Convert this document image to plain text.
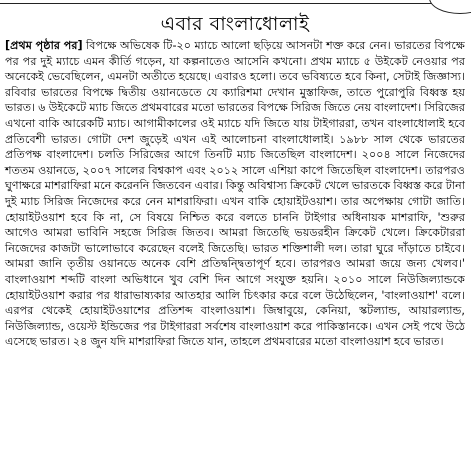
এবার বাংলাধোলাই

[প্রথম পৃষ্ঠার পর] বিপক্ষে অভিষেক টি-২০ ম্যাচে আলো ছড়িয়ে আসনটা শক্ত করে নেন। ভারতের বিপক্ষে পর পর দুই ম্যাচে এমন কীর্তি গড়েন, যা কল্পনাতেও আসেনি কখনো। প্রথম ম্যাচে ৫ উইকেট নেওয়ার পর অনেকেই ভেবেছিলেন, এমনটা অতীতে হয়েছে। এবারও হলো। তবে ভবিষ্যতে হবে কিনা, সেটাই জিজ্ঞাস্য। রবিবার ভারতের বিপক্ষে দ্বিতীয় ওয়ানডেতে যে ক্যারিশমা দেখান মুস্তাফিজ, তাতে পুরোপুরি বিধ্বস্ত হয় ভারত। ৬ উইকেটে ম্যাচ জিতে প্রথমবারের মতো ভারতের বিপক্ষে সিরিজ জিতে নেয় বাংলাদেশ। সিরিজের এখনো বাকি আরেকটি ম্যাচ। আগামীকালের ওই ম্যাচে যদি জিতে যায় টাইগাররা, তখন বাংলাধোলাই হবে প্রতিবেশী ভারত। গোটা দেশ জুড়েই এখন এই আলোচনা বাংলাধোলাই। ১৯৮৮ সাল থেকে ভারতের প্রতিপক্ষ বাংলাদেশ। চলতি সিরিজের আগে তিনটি ম্যাচ জিতেছিল বাংলাদেশ। ২০০৪ সালে নিজেদের শততম ওয়ানডে, ২০০৭ সালের বিশ্বকাপ এবং ২০১২ সালে এশিয়া কাপে জিতেছিল বাংলাদেশ। তারপরও ঘুণাক্ষরে মাশরাফিরা মনে করেননি জিতবেন এবার। কিন্তু অবিশ্বাস্য ক্রিকেট খেলে ভারতকে বিধ্বস্ত করে টানা দুই ম্যাচ সিরিজ নিজেদের করে নেন মাশরাফিরা। এখন বাকি হোয়াইটওয়াশ। তার অপেক্ষায় গোটা জাতি। হোয়াইটওয়াশ হবে কি না, সে বিষয়ে নিশ্চিত করে বলতে চাননি টাইগার অধিনায়ক মাশরাফি, 'শুরুর আগেও আমরা ভাবিনি সহজে সিরিজ জিতব। আমরা জিতেছি ভয়ডরহীন ক্রিকেট খেলে। ক্রিকেটাররা নিজেদের কাজটা ভালোভাবে করেছেন বলেই জিতেছি। ভারত শক্তিশালী দল। তারা ঘুরে দাঁড়াতে চাইবে। আমরা জানি তৃতীয় ওয়ানডে অনেক বেশি প্রতিদ্বন্দ্বিতাপূর্ণ হবে। তারপরও আমরা জয়ে জন্য খেলব।' বাংলাওয়াশ শব্দটি বাংলা অভিধানে খুব বেশি দিন আগে সংযুক্ত হয়নি। ২০১০ সালে নিউজিল্যান্ডকে হোয়াইটওয়াশ করার পর ধারাভাষ্যকার আতহার আলি চিৎকার করে বলে উঠেছিলেন, 'বাংলাওয়াশ' বলে। এরপর থেকেই হোয়াইটওয়াশের প্রতিশব্দ বাংলাওয়াশ। জিম্বাবুয়ে, কেনিয়া, স্কটল্যান্ড, আয়ারল্যান্ড, নিউজিল্যান্ড, ওয়েস্ট ইন্ডিজের পর টাইগাররা সর্বশেষ বাংলাওয়াশ করে পাকিস্তানকে। এখন সেই পথে উঠে এসেছে ভারত। ২৪ জুন যদি মাশরাফিরা জিতে যান, তাহলে প্রথমবারের মতো বাংলাওয়াশ হবে ভারত।
